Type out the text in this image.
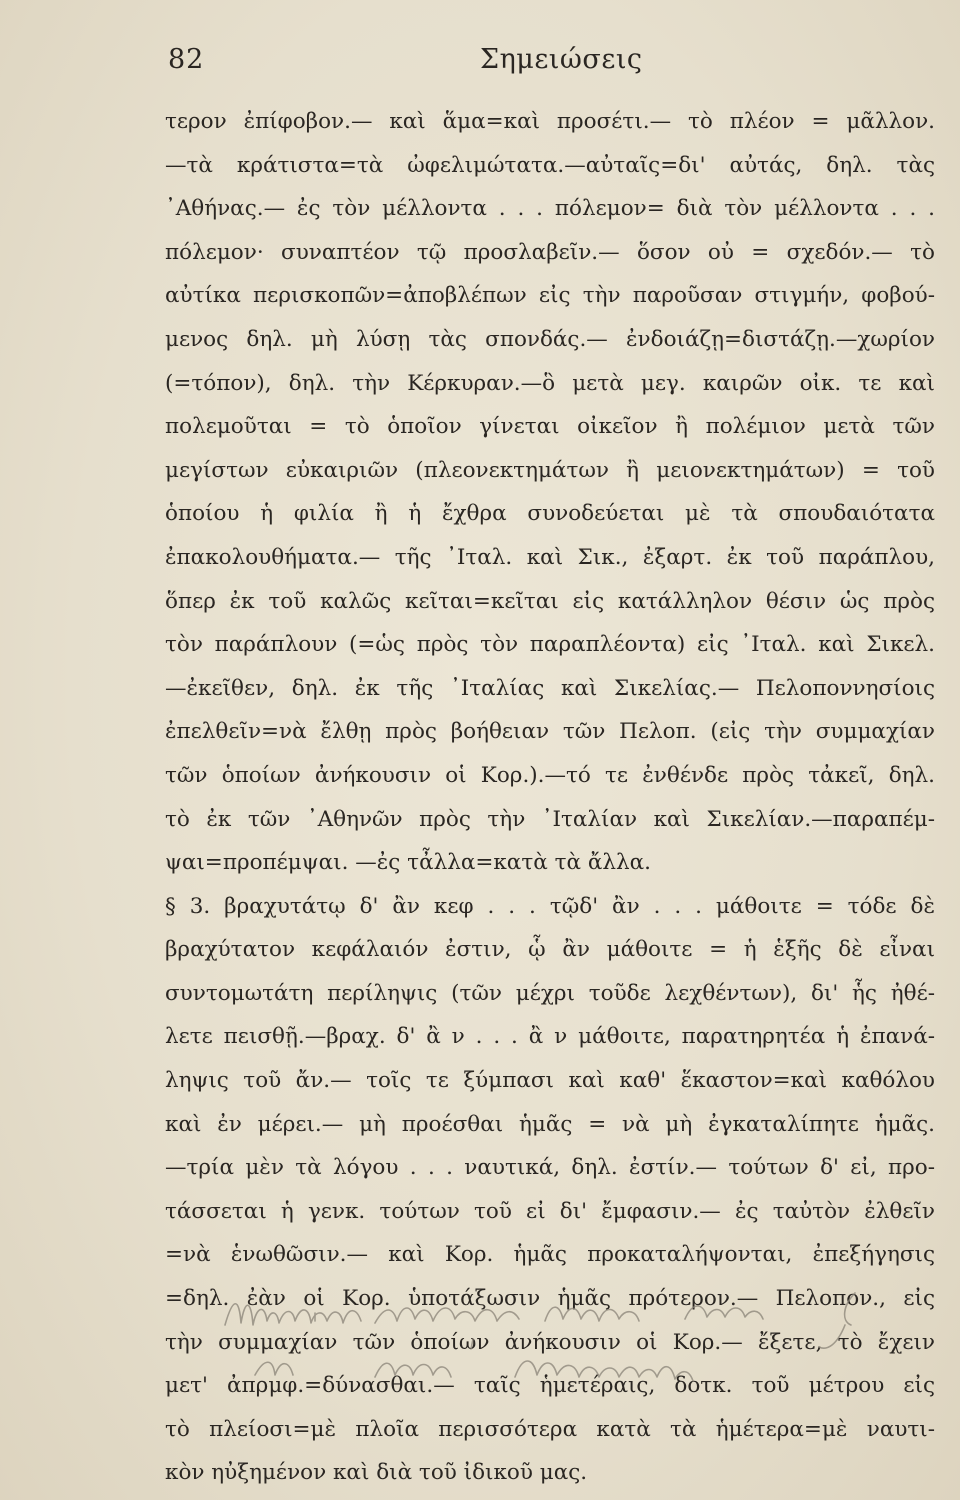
82	Σημειώσεις
τερον ἐπίφοβον.— καὶ ἅμα=καὶ προσέτι.— τὸ πλέον = μᾶλλον.
—τὰ κράτιστα=τὰ ὠφελιμώτατα.—αὐταῖς=δι' αὐτάς, δηλ. τὰς
᾿Αθήνας.— ἐς τὸν μέλλοντα . . . πόλεμον= διὰ τὸν μέλλοντα . . .
πόλεμον· συναπτέον τῷ προσλαβεῖν.— ὅσον οὐ = σχεδόν.— τὸ
αὐτίκα περισκοπῶν=ἀποβλέπων εἰς τὴν παροῦσαν στιγμήν, φοβού-
μενος δηλ. μὴ λύσῃ τὰς σπονδάς.— ἐνδοιάζῃ=διστάζῃ.—χωρίον
(=τόπον), δηλ. τὴν Κέρκυραν.—ὃ μετὰ μεγ. καιρῶν οἰκ. τε καὶ
πολεμοῦται = τὸ ὁποῖον γίνεται οἰκεῖον ἢ πολέμιον μετὰ τῶν
μεγίστων εὐκαιριῶν (πλεονεκτημάτων ἢ μειονεκτημάτων) = τοῦ
ὁποίου ἡ φιλία ἢ ἡ ἔχθρα συνοδεύεται μὲ τὰ σπουδαιότατα
ἐπακολουθήματα.— τῆς ᾿Ιταλ. καὶ Σικ., ἐξαρτ. ἐκ τοῦ παράπλου,
ὅπερ ἐκ τοῦ καλῶς κεῖται=κεῖται εἰς κατάλληλον θέσιν ὡς πρὸς
τὸν παράπλουν (=ὡς πρὸς τὸν παραπλέοντα) εἰς ᾿Ιταλ. καὶ Σικελ.
—ἐκεῖθεν, δηλ. ἐκ τῆς ᾿Ιταλίας καὶ Σικελίας.— Πελοποννησίοις
ἐπελθεῖν=νὰ ἔλθῃ πρὸς βοήθειαν τῶν Πελοπ. (εἰς τὴν συμμαχίαν
τῶν ὁποίων ἀνήκουσιν οἱ Κορ.).—τό τε ἐνθένδε πρὸς τἀκεῖ, δηλ.
τὸ ἐκ τῶν ᾿Αθηνῶν πρὸς τὴν ᾿Ιταλίαν καὶ Σικελίαν.—παραπέμ-
ψαι=προπέμψαι. —ἐς τἆλλα=κατὰ τὰ ἄλλα.
§ 3. βραχυτάτῳ δ' ἂν κεφ . . . τῷδ' ἂν . . . μάθοιτε = τόδε δὲ
βραχύτατον κεφάλαιόν ἐστιν, ᾧ ἂν μάθοιτε = ἡ ἑξῆς δὲ εἶναι
συντομωτάτη περίληψις (τῶν μέχρι τοῦδε λεχθέντων), δι' ἧς ἠθέ-
λετε πεισθῇ.—βραχ. δ' ἂ ν . . . ἂ ν μάθοιτε, παρατηρητέα ἡ ἐπανά-
ληψις τοῦ ἄν.— τοῖς τε ξύμπασι καὶ καθ' ἕκαστον=καὶ καθόλου
καὶ ἐν μέρει.— μὴ προέσθαι ἡμᾶς = νὰ μὴ ἐγκαταλίπητε ἡμᾶς.
—τρία μὲν τὰ λόγου . . . ναυτικά, δηλ. ἐστίν.— τούτων δ' εἰ, προ-
τάσσεται ἡ γενκ. τούτων τοῦ εἰ δι' ἔμφασιν.— ἐς ταὐτὸν ἐλθεῖν
=νὰ ἑνωθῶσιν.— καὶ Κορ. ἡμᾶς προκαταλήψονται, ἐπεξήγησις
=δηλ. ἐὰν οἱ Κορ. ὑποτάξωσιν ἡμᾶς πρότερον.— Πελοπον., εἰς
τὴν συμμαχίαν τῶν ὁποίων ἀνήκουσιν οἱ Κορ.— ἔξετε, τὸ ἔχειν
μετ' ἀπρμφ.=δύνασθαι.— ταῖς ἡμετέραις, δοτκ. τοῦ μέτρου εἰς
τὸ πλείοσι=μὲ πλοῖα περισσότερα κατὰ τὰ ἡμέτερα=μὲ ναυτι-
κὸν ηὐξημένον καὶ διὰ τοῦ ἰδικοῦ μας.
